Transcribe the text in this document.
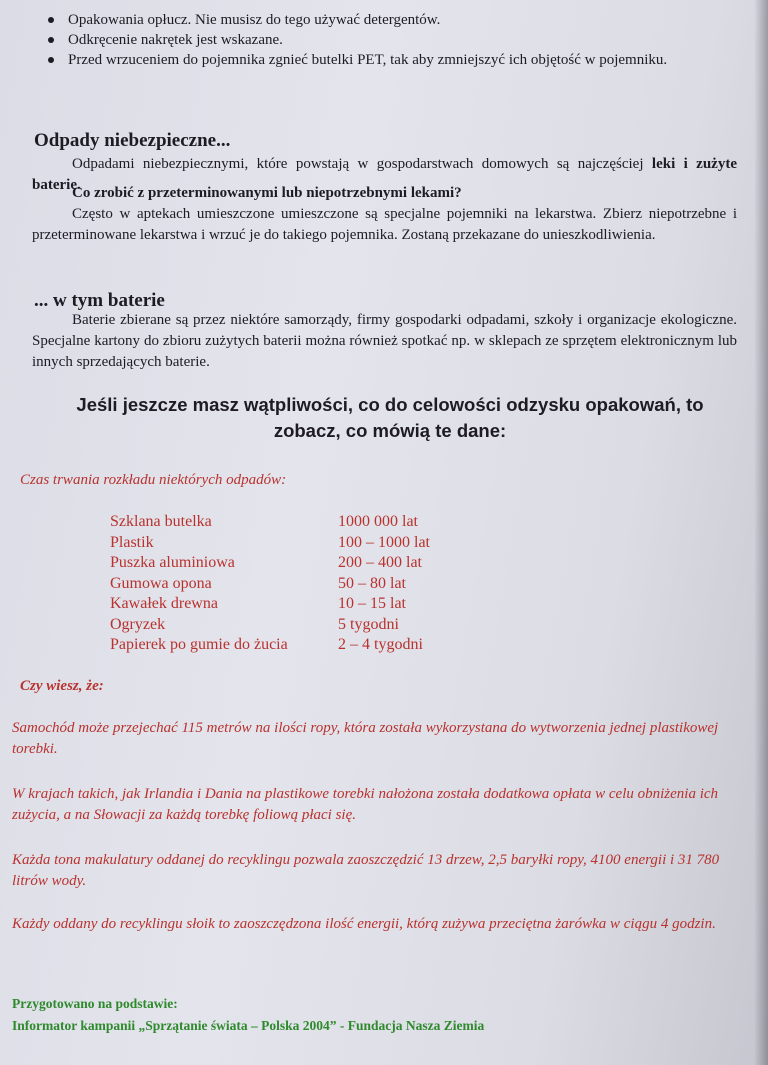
Opakowania opłucz. Nie musisz do tego używać detergentów.
Odkręcenie nakrętek jest wskazane.
Przed wrzuceniem do pojemnika zgnieć butelki PET, tak aby zmniejszyć ich objętość w pojemniku.
Odpady niebezpieczne...
Odpadami niebezpiecznymi, które powstają w gospodarstwach domowych są najczęściej leki i zużyte baterie.
Co zrobić z przeterminowanymi lub niepotrzebnymi lekami?
Często w aptekach umieszczone umieszczone są specjalne pojemniki na lekarstwa. Zbierz niepotrzebne i przeterminowane lekarstwa i wrzuć je do takiego pojemnika. Zostaną przekazane do unieszkodliwienia.
... w tym baterie
Baterie zbierane są przez niektóre samorządy, firmy gospodarki odpadami, szkoły i organizacje ekologiczne. Specjalne kartony do zbioru zużytych baterii można również spotkać np. w sklepach ze sprzętem elektronicznym lub innych sprzedających baterie.
Jeśli jeszcze masz wątpliwości, co do celowości odzysku opakowań, to
zobacz, co mówią te dane:
Czas trwania rozkładu niektórych odpadów:
Szklana butelka	1000 000 lat
Plastik	100 – 1000 lat
Puszka aluminiowa	200 – 400 lat
Gumowa opona	50 – 80 lat
Kawałek drewna	10 – 15 lat
Ogryzek	5 tygodni
Papierek po gumie do żucia	2 – 4 tygodni
Czy wiesz, że:
Samochód może przejechać 115 metrów na ilości ropy, która została wykorzystana do wytworzenia jednej plastikowej torebki.
W krajach takich, jak Irlandia i Dania na plastikowe torebki nałożona została dodatkowa opłata w celu obniżenia ich zużycia, a na Słowacji za każdą torebkę foliową płaci się.
Każda tona makulatury oddanej do recyklingu pozwala zaoszczędzić 13 drzew, 2,5 baryłki ropy, 4100 energii i 31 780 litrów wody.
Każdy oddany do recyklingu słoik to zaoszczędzona ilość energii, którą zużywa przeciętna żarówka w ciągu 4 godzin.
Przygotowano na podstawie:
Informator kampanii „Sprzątanie świata – Polska 2004” - Fundacja Nasza Ziemia
